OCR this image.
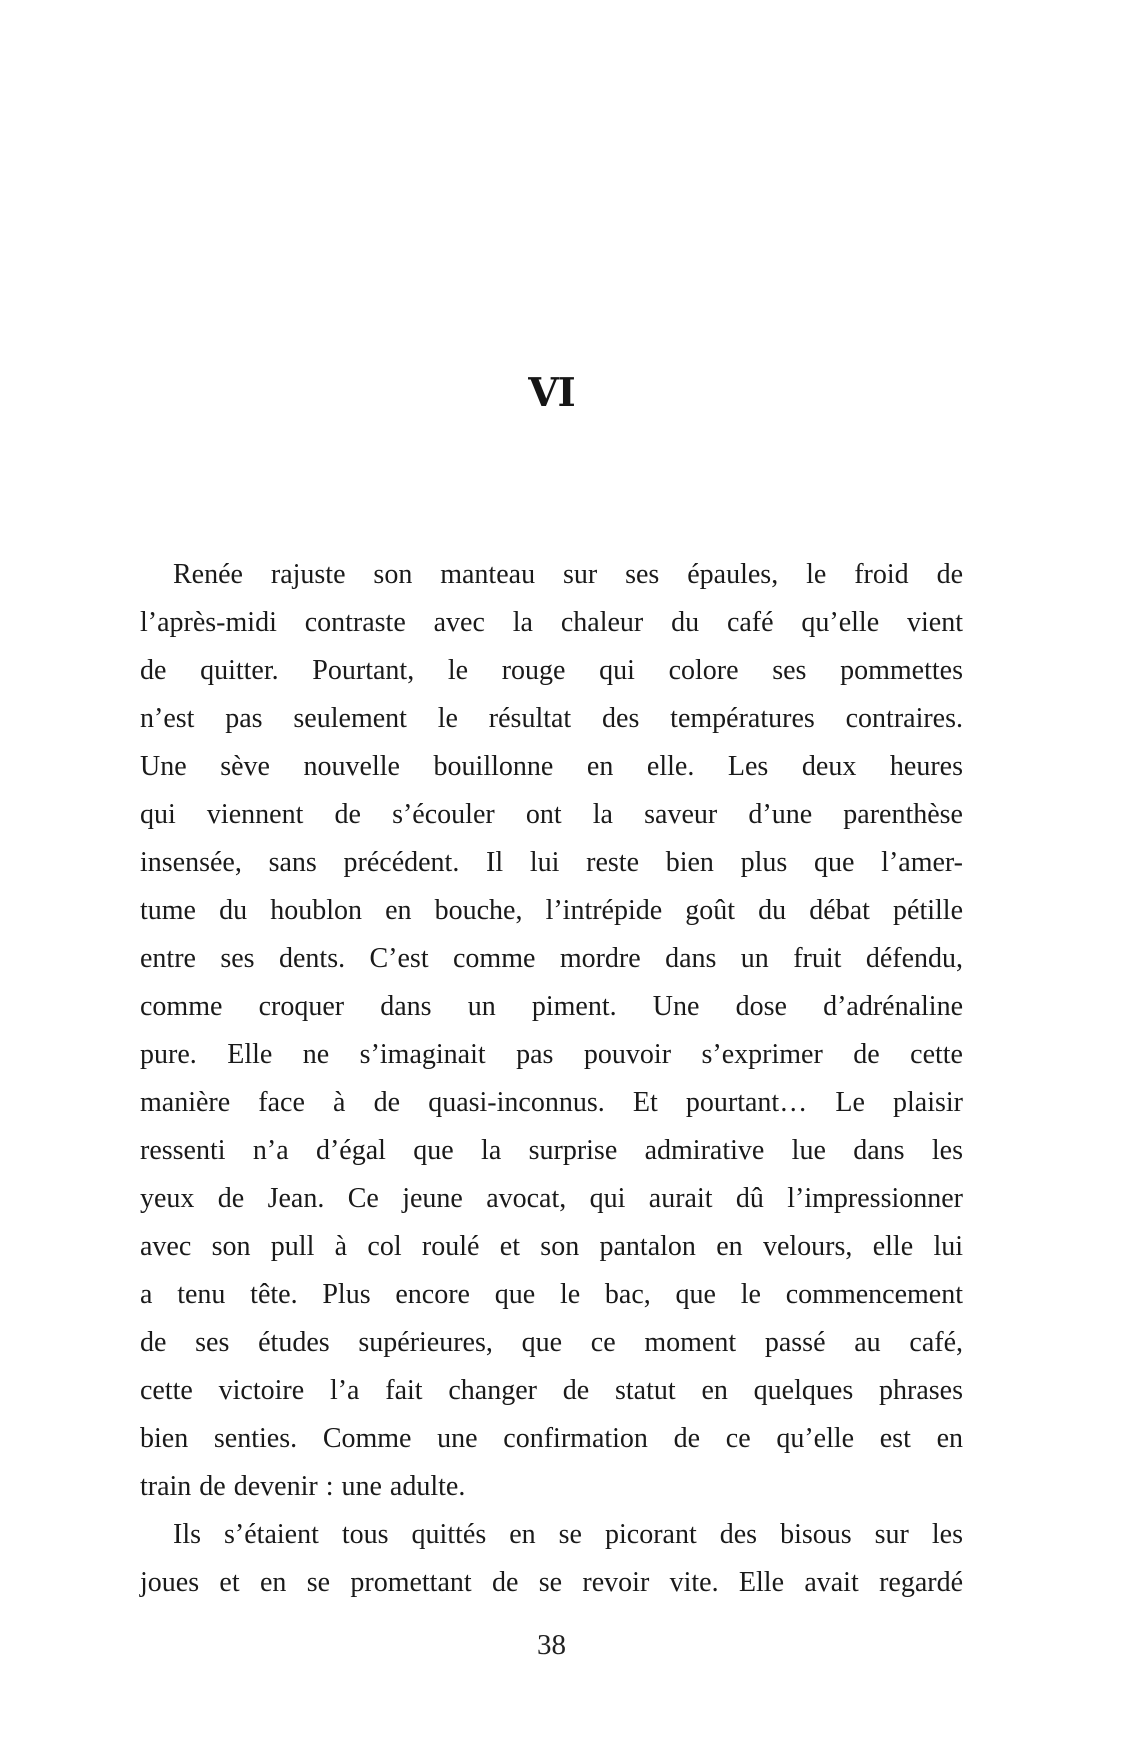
VI
Renée rajuste son manteau sur ses épaules, le froid de
l’après-midi contraste avec la chaleur du café qu’elle vient
de quitter. Pourtant, le rouge qui colore ses pommettes
n’est pas seulement le résultat des températures contraires.
Une sève nouvelle bouillonne en elle. Les deux heures
qui viennent de s’écouler ont la saveur d’une parenthèse
insensée, sans précédent. Il lui reste bien plus que l’amer-
tume du houblon en bouche, l’intrépide goût du débat pétille
entre ses dents. C’est comme mordre dans un fruit défendu,
comme croquer dans un piment. Une dose d’adrénaline
pure. Elle ne s’imaginait pas pouvoir s’exprimer de cette
manière face à de quasi-inconnus. Et pourtant… Le plaisir
ressenti n’a d’égal que la surprise admirative lue dans les
yeux de Jean. Ce jeune avocat, qui aurait dû l’impressionner
avec son pull à col roulé et son pantalon en velours, elle lui
a tenu tête. Plus encore que le bac, que le commencement
de ses études supérieures, que ce moment passé au café,
cette victoire l’a fait changer de statut en quelques phrases
bien senties. Comme une confirmation de ce qu’elle est en
train de devenir : une adulte.
Ils s’étaient tous quittés en se picorant des bisous sur les
joues et en se promettant de se revoir vite. Elle avait regardé
38
